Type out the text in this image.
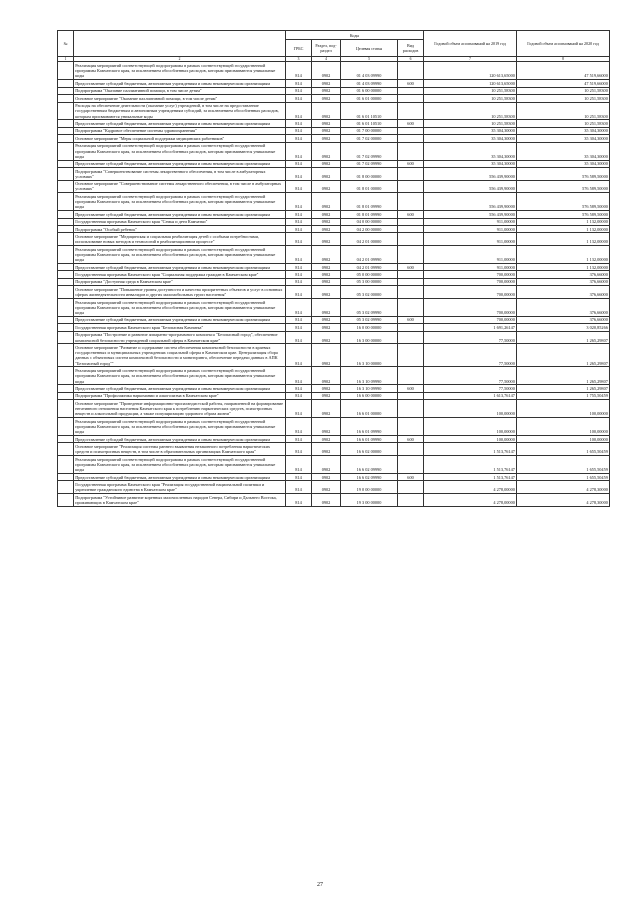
№		Коды				Годовой объем ассигнований на 2019 год	Годовой объем ассигнований на 2020 год
		ГРБС	Раздел, под-раздел	Целевая статья	Вид расходов		
1	2	3	4	5	6	7	8
	Реализация мероприятий соответствующей подпрограммы в рамках соответствующей государственной программы Камчатского края, за исключением обособленных расходов, которым присваиваются уникальные коды	814	0902	01 4 03 09990		120 613,65000	47 519,66000
	Предоставление субсидий бюджетным, автономным учреждениям и иным некоммерческим организациям	814	0902	01 4 03 09990	600	120 613,65000	47 519,66000
	Подпрограмма "Оказание паллиативной помощи, в том числе детям"	814	0902	01 6 00 00000		10 251,58300	10 251,58300
	Основное мероприятие "Оказание паллиативной помощи, в том числе детям"	814	0902	01 6 01 00000		10 251,58300	10 251,58300
	Расходы на обеспечение деятельности (оказание услуг) учреждений, в том числе на предоставление государственным бюджетным и автономным учреждениям субсидий, за исключением обособленных расходов, которым присваиваются уникальные коды	814	0902	01 6 01 10510		10 251,58300	10 251,58300
	Предоставление субсидий бюджетным, автономным учреждениям и иным некоммерческим организациям	814	0902	01 6 01 10510	600	10 251,58300	10 251,58300
	Подпрограмма "Кадровое обеспечение системы здравоохранения"	814	0902	01 7 00 00000		35 304,30000	35 304,30000
	Основное мероприятие "Меры социальной поддержки медицинских работников"	814	0902	01 7 02 00000		35 304,30000	35 304,30000
	Реализация мероприятий соответствующей подпрограммы в рамках соответствующей государственной программы Камчатского края, за исключением обособленных расходов, которым присваиваются уникальные коды	814	0902	01 7 02 09990		35 304,30000	35 304,30000
	Предоставление субсидий бюджетным, автономным учреждениям и иным некоммерческим организациям	814	0902	01 7 02 09990	600	35 304,30000	35 304,30000
	Подпрограмма "Совершенствование системы лекарственного обеспечения, в том числе в амбулаторных условиях"	814	0902	01 8 00 00000		556 439,90000	576 589,50000
	Основное мероприятие "Совершенствование системы лекарственного обеспечения, в том числе в амбулаторных условиях"	814	0902	01 8 01 00000		556 439,90000	576 589,50000
	Реализация мероприятий соответствующей подпрограммы в рамках соответствующей государственной программы Камчатского края, за исключением обособленных расходов, которым присваиваются уникальные коды	814	0902	01 8 01 09990		556 439,90000	576 589,50000
	Предоставление субсидий бюджетным, автономным учреждениям и иным некоммерческим организациям	814	0902	01 8 01 09990	600	556 439,90000	576 589,50000
	Государственная программа Камчатского края "Семья и дети Камчатки"	814	0902	04 0 00 00000		911,00000	1 132,00000
	Подпрограмма "Особый ребенок"	814	0902	04 2 00 00000		911,00000	1 132,00000
	Основное мероприятие "Медицинская и социальная реабилитация детей с особыми потребностями, использование новых методов и технологий в реабилитационном процессе"	814	0902	04 2 01 00000		911,00000	1 132,00000
	Реализация мероприятий соответствующей подпрограммы в рамках соответствующей государственной программы Камчатского края, за исключением обособленных расходов, которым присваиваются уникальные коды	814	0902	04 2 01 09990		911,00000	1 132,00000
	Предоставление субсидий бюджетным, автономным учреждениям и иным некоммерческим организациям	814	0902	04 2 01 09990	600	911,00000	1 132,00000
	Государственная программа Камчатского края "Социальная поддержка граждан в Камчатском крае"	814	0902	05 0 00 00000		700,00000	376,66000
	Подпрограмма "Доступная среда в Камчатском крае"	814	0902	05 3 00 00000		700,00000	376,66000
	Основное мероприятие "Повышение уровня доступности и качества приоритетных объектов и услуг в основных сферах жизнедеятельности инвалидов и других маломобильных групп населения"	814	0902	05 3 02 00000		700,00000	376,66000
	Реализация мероприятий соответствующей подпрограммы в рамках соответствующей государственной программы Камчатского края, за исключением обособленных расходов, которым присваиваются уникальные коды	814	0902	05 3 02 09990		700,00000	376,66000
	Предоставление субсидий бюджетным, автономным учреждениям и иным некоммерческим организациям	814	0902	05 3 02 09990	600	700,00000	376,66000
	Государственная программа Камчатского края "Безопасная Камчатка"	814	0902	16 0 00 00000		1 691,26147	3 020,85266
	Подпрограмма "Построение и развитие аппаратно-программного комплекса "Безопасный город", обеспечение комплексной безопасности учреждений социальной сферы в Камчатском крае"	814	0902	16 3 00 00000		77,50000	1 265,29807
	Основное мероприятие "Развитие и содержание систем обеспечения комплексной безопасности в краевых государственных и муниципальных учреждениях социальной сферы в Камчатском крае. Централизация сбора данных с объектовых систем комплексной безопасности и мониторинга, обеспечение передачи данных в АПК "Безопасный город""	814	0902	16 3 10 00000		77,50000	1 265,29807
	Реализация мероприятий соответствующей подпрограммы в рамках соответствующей государственной программы Камчатского края, за исключением обособленных расходов, которым присваиваются уникальные коды	814	0902	16 3 10 09990		77,50000	1 265,29807
	Предоставление субсидий бюджетным, автономным учреждениям и иным некоммерческим организациям	814	0902	16 3 10 09990	600	77,50000	1 265,29807
	Подпрограмма "Профилактика наркомании и алкоголизма в Камчатском крае"	814	0902	16 6 00 00000		1 613,76147	1 755,50459
	Основное мероприятие "Проведение информационно-пропагандистской работы, направленной на формирование негативного отношения населения Камчатского края к потреблению наркотических средств, психотропных веществ и алкогольной продукции, а также популяризацию здорового образа жизни"	814	0902	16 6 01 00000		100,00000	100,00000
	Реализация мероприятий соответствующей подпрограммы в рамках соответствующей государственной программы Камчатского края, за исключением обособленных расходов, которым присваиваются уникальные коды	814	0902	16 6 01 09990		100,00000	100,00000
	Предоставление субсидий бюджетным, автономным учреждениям и иным некоммерческим организациям	814	0902	16 6 01 09990	600	100,00000	100,00000
	Основное мероприятие "Реализация системы раннего выявления незаконного потребления наркотических средств и психотропных веществ, в том числе в образовательных организациях Камчатского края"	814	0902	16 6 02 00000		1 513,76147	1 655,50459
	Реализация мероприятий соответствующей подпрограммы в рамках соответствующей государственной программы Камчатского края, за исключением обособленных расходов, которым присваиваются уникальные коды	814	0902	16 6 02 09990		1 513,76147	1 655,50459
	Предоставление субсидий бюджетным, автономным учреждениям и иным некоммерческим организациям	814	0902	16 6 02 09990	600	1 513,76147	1 655,50459
	Государственная программа Камчатского края "Реализация государственной национальной политики и укрепление гражданского единства в Камчатском крае"	814	0902	19 0 00 00000		4 278,00000	4 278,30000
	Подпрограмма "Устойчивое развитие коренных малочисленных народов Севера, Сибири и Дальнего Востока, проживающих в Камчатском крае"	814	0902	19 3 00 00000		4 278,00000	4 278,30000
27
